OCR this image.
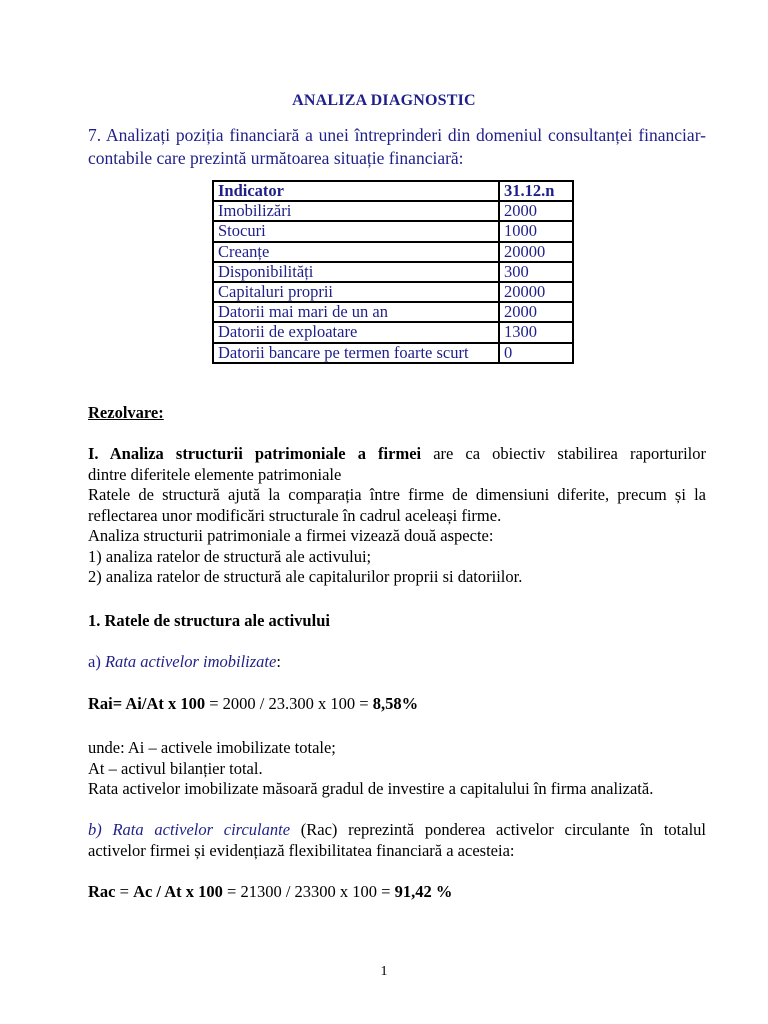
ANALIZA DIAGNOSTIC
7. Analizați poziția financiară a unei întreprinderi din domeniul consultanței financiar-
contabile care prezintă următoarea situație financiară:
Indicator	31.12.n
Imobilizări	2000
Stocuri	1000
Creanțe	20000
Disponibilități	300
Capitaluri proprii	20000
Datorii mai mari de un an	2000
Datorii de exploatare	1300
Datorii bancare pe termen foarte scurt	0
Rezolvare:
I. Analiza structurii patrimoniale a firmei are ca obiectiv stabilirea raporturilor
dintre diferitele elemente patrimoniale
Ratele de structură ajută la comparația între firme de dimensiuni diferite, precum și la
reflectarea unor modificări structurale în cadrul aceleași firme.
Analiza structurii patrimoniale a firmei vizează două aspecte:
1) analiza ratelor de structură ale activului;
2) analiza ratelor de structură ale capitalurilor proprii si datoriilor.
1. Ratele de structura ale activului
a) Rata activelor imobilizate:
Rai= Ai/At x 100 = 2000 / 23.300 x 100 = 8,58%
unde: Ai – activele imobilizate totale;
At – activul bilanțier total.
Rata activelor imobilizate măsoară gradul de investire a capitalului în firma analizată.
b) Rata activelor circulante (Rac) reprezintă ponderea activelor circulante în totalul
activelor firmei și evidențiază flexibilitatea financiară a acesteia:
Rac = Ac / At x 100 = 21300 / 23300 x 100 = 91,42 %
1
